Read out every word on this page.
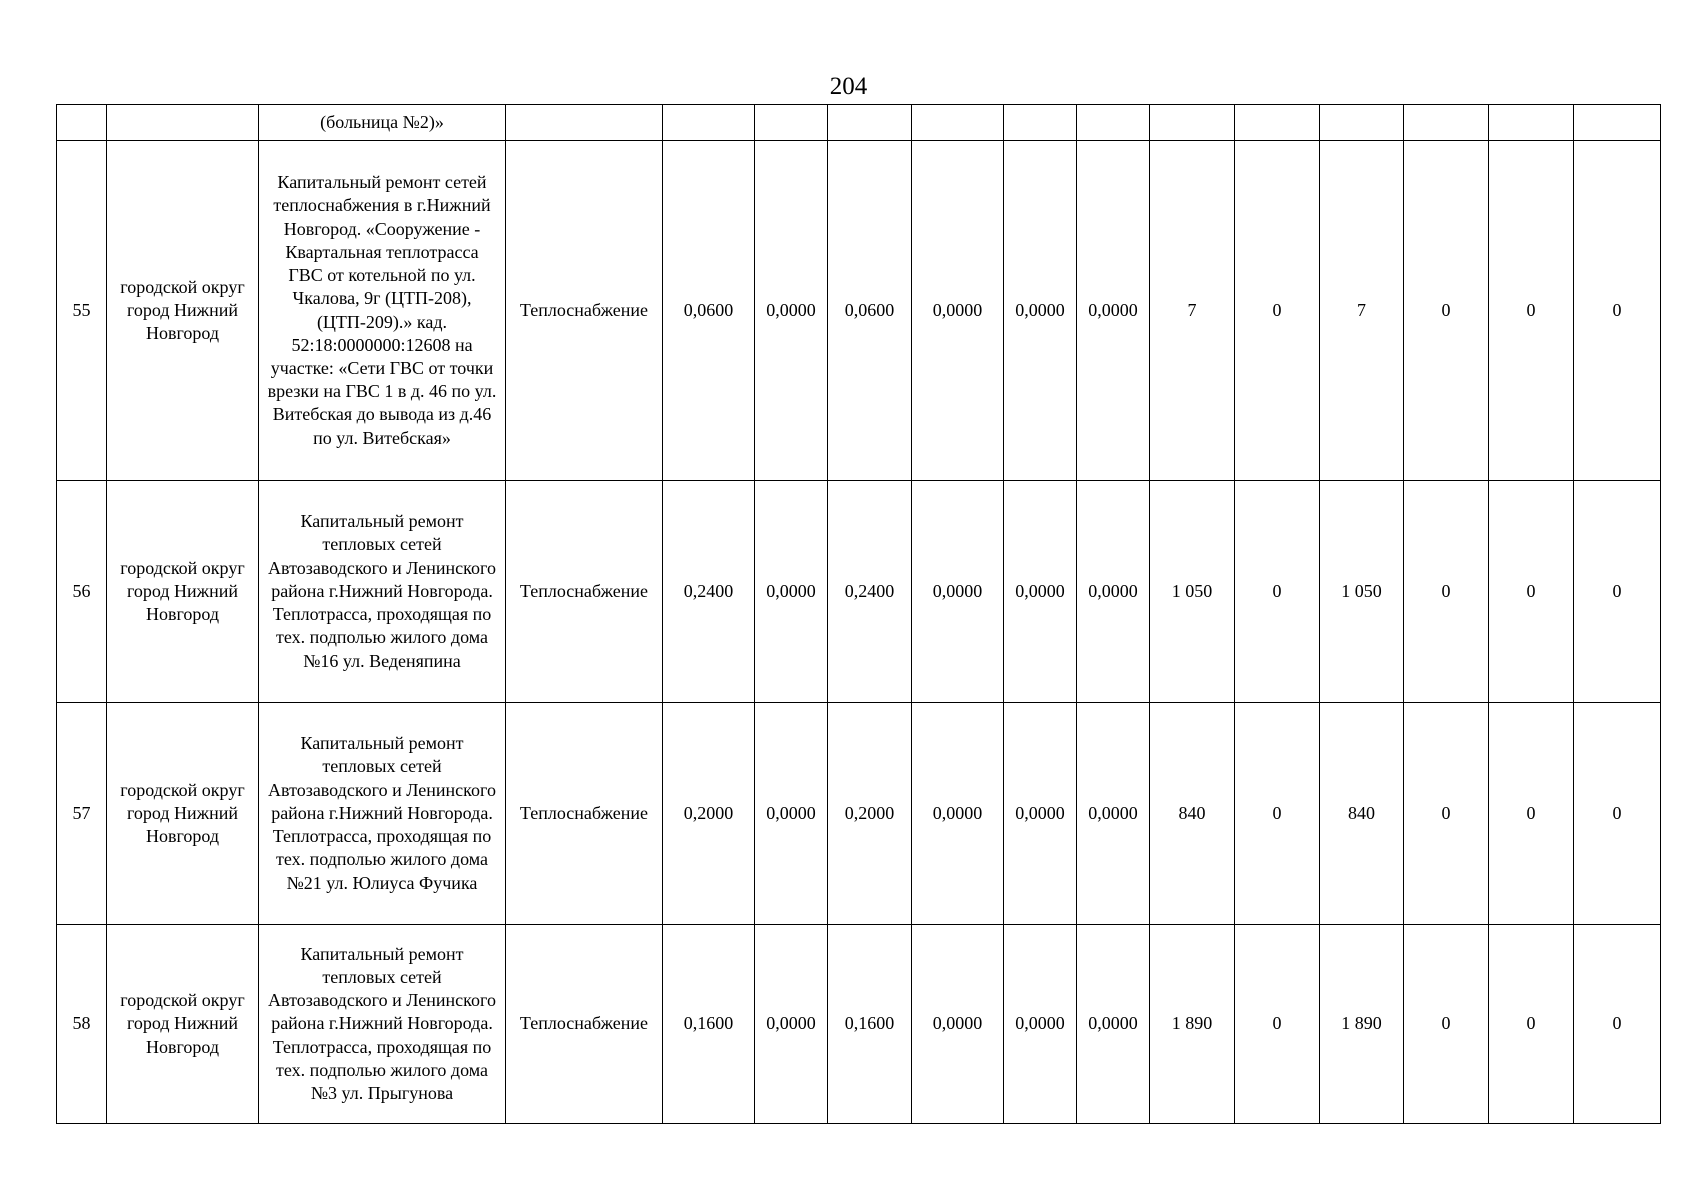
204
		(больница №2)»													
55	городской округ город Нижний Новгород	Капитальный ремонт сетей теплоснабжения в г.Нижний Новгород. «Сооружение - Квартальная теплотрасса ГВС от котельной по ул. Чкалова, 9г (ЦТП-208), (ЦТП-209).» кад. 52:18:0000000:12608 на участке: «Сети ГВС от точки врезки на ГВС 1 в д. 46 по ул. Витебская до вывода из д.46 по ул. Витебская»	Теплоснабжение	0,0600	0,0000	0,0600	0,0000	0,0000	0,0000	7	0	7	0	0	0
56	городской округ город Нижний Новгород	Капитальный ремонт тепловых сетей Автозаводского и Ленинского района г.Нижний Новгорода. Теплотрасса, проходящая по тех. подполью жилого дома №16 ул. Веденяпина	Теплоснабжение	0,2400	0,0000	0,2400	0,0000	0,0000	0,0000	1 050	0	1 050	0	0	0
57	городской округ город Нижний Новгород	Капитальный ремонт тепловых сетей Автозаводского и Ленинского района г.Нижний Новгорода. Теплотрасса, проходящая по тех. подполью жилого дома №21 ул. Юлиуса Фучика	Теплоснабжение	0,2000	0,0000	0,2000	0,0000	0,0000	0,0000	840	0	840	0	0	0
58	городской округ город Нижний Новгород	Капитальный ремонт тепловых сетей Автозаводского и Ленинского района г.Нижний Новгорода. Теплотрасса, проходящая по тех. подполью жилого дома №3 ул. Прыгунова	Теплоснабжение	0,1600	0,0000	0,1600	0,0000	0,0000	0,0000	1 890	0	1 890	0	0	0
